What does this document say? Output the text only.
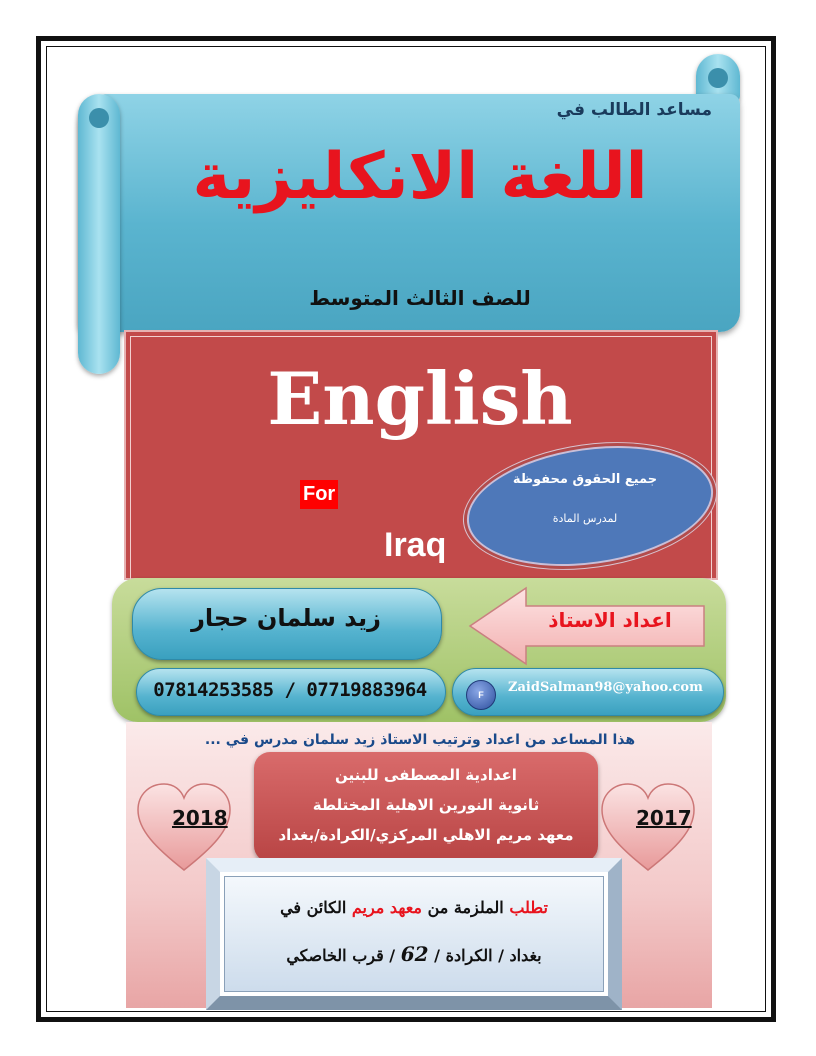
مساعد الطالب في
اللغة الانكليزية
للصف الثالث المتوسط
English
For
Iraq
جميع الحقوق محفوظة
لمدرس المادة
زيد سلمان حجار	اعداد الاستاذ
07814253585 / 07719883964	F	ZaidSalman98@yahoo.com
هذا المساعد من اعداد وترتيب الاستاذ زيد سلمان مدرس في ...
اعدادية المصطفى للبنين
ثانوية النورين الاهلية المختلطة
معهد مريم الاهلي المركزي/الكرادة/بغداد
2018	2017
تطلب الملزمة من معهد مريم الكائن في
بغداد / الكرادة / 62 / قرب الخاصكي
